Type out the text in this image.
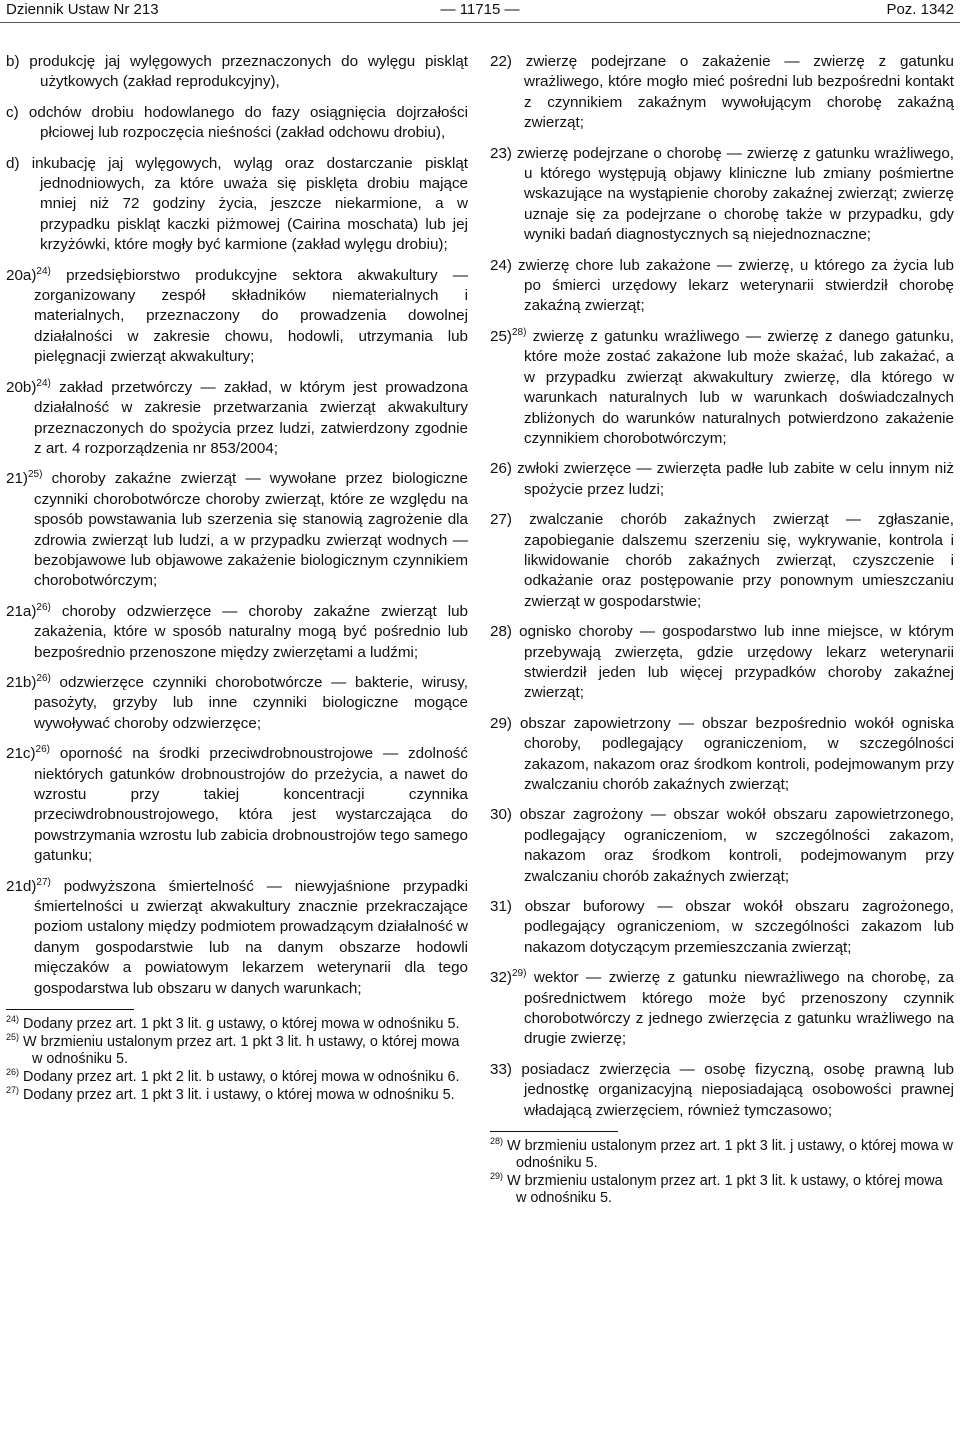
— 11715 —
Dziennik Ustaw Nr 213	Poz. 1342

b) produkcję jaj wylęgowych przeznaczonych do wylęgu piskląt użytkowych (zakład reprodukcyjny),

c) odchów drobiu hodowlanego do fazy osiągnięcia dojrzałości płciowej lub rozpoczęcia nieśności (zakład odchowu drobiu),

d) inkubację jaj wylęgowych, wyląg oraz dostarczanie piskląt jednodniowych, za które uważa się pisklęta drobiu mające mniej niż 72 godziny życia, jeszcze niekarmione, a w przypadku piskląt kaczki piżmowej (Cairina moschata) lub jej krzyżówki, które mogły być karmione (zakład wylęgu drobiu);

20a)$^{24)}$ przedsiębiorstwo produkcyjne sektora akwakultury — zorganizowany zespół składników niematerialnych i materialnych, przeznaczony do prowadzenia dowolnej działalności w zakresie chowu, hodowli, utrzymania lub pielęgnacji zwierząt akwakultury;

20b)$^{24)}$ zakład przetwórczy — zakład, w którym jest prowadzona działalność w zakresie przetwarzania zwierząt akwakultury przeznaczonych do spożycia przez ludzi, zatwierdzony zgodnie z art. 4 rozporządzenia nr 853/2004;

21)$^{25)}$ choroby zakaźne zwierząt — wywołane przez biologiczne czynniki chorobotwórcze choroby zwierząt, które ze względu na sposób powstawania lub szerzenia się stanowią zagrożenie dla zdrowia zwierząt lub ludzi, a w przypadku zwierząt wodnych — bezobjawowe lub objawowe zakażenie biologicznym czynnikiem chorobotwórczym;

21a)$^{26)}$ choroby odzwierzęce — choroby zakaźne zwierząt lub zakażenia, które w sposób naturalny mogą być pośrednio lub bezpośrednio przenoszone między zwierzętami a ludźmi;

21b)$^{26)}$ odzwierzęce czynniki chorobotwórcze — bakterie, wirusy, pasożyty, grzyby lub inne czynniki biologiczne mogące wywoływać choroby odzwierzęce;

21c)$^{26)}$ oporność na środki przeciwdrobnoustrojowe — zdolność niektórych gatunków drobnoustrojów do przeżycia, a nawet do wzrostu przy takiej koncentracji czynnika przeciwdrobnoustrojowego, która jest wystarczająca do powstrzymania wzrostu lub zabicia drobnoustrojów tego samego gatunku;

21d)$^{27)}$ podwyższona śmiertelność — niewyjaśnione przypadki śmiertelności u zwierząt akwakultury znacznie przekraczające poziom ustalony między podmiotem prowadzącym działalność w danym gospodarstwie lub na danym obszarze hodowli mięczaków a powiatowym lekarzem weterynarii dla tego gospodarstwa lub obszaru w danych warunkach;

$^{24)}$ Dodany przez art. 1 pkt 3 lit. g ustawy, o której mowa w odnośniku 5.
$^{25)}$ W brzmieniu ustalonym przez art. 1 pkt 3 lit. h ustawy, o której mowa w odnośniku 5.
$^{26)}$ Dodany przez art. 1 pkt 2 lit. b ustawy, o której mowa w odnośniku 6.
$^{27)}$ Dodany przez art. 1 pkt 3 lit. i ustawy, o której mowa w odnośniku 5.

22) zwierzę podejrzane o zakażenie — zwierzę z gatunku wrażliwego, które mogło mieć pośredni lub bezpośredni kontakt z czynnikiem zakaźnym wywołującym chorobę zakaźną zwierząt;

23) zwierzę podejrzane o chorobę — zwierzę z gatunku wrażliwego, u którego występują objawy kliniczne lub zmiany pośmiertne wskazujące na wystąpienie choroby zakaźnej zwierząt; zwierzę uznaje się za podejrzane o chorobę także w przypadku, gdy wyniki badań diagnostycznych są niejednoznaczne;

24) zwierzę chore lub zakażone — zwierzę, u którego za życia lub po śmierci urzędowy lekarz weterynarii stwierdził chorobę zakaźną zwierząt;

25)$^{28)}$ zwierzę z gatunku wrażliwego — zwierzę z danego gatunku, które może zostać zakażone lub może skażać, lub zakażać, a w przypadku zwierząt akwakultury zwierzę, dla którego w warunkach naturalnych lub w warunkach doświadczalnych zbliżonych do warunków naturalnych potwierdzono zakażenie czynnikiem chorobotwórczym;

26) zwłoki zwierzęce — zwierzęta padłe lub zabite w celu innym niż spożycie przez ludzi;

27) zwalczanie chorób zakaźnych zwierząt — zgłaszanie, zapobieganie dalszemu szerzeniu się, wykrywanie, kontrola i likwidowanie chorób zakaźnych zwierząt, czyszczenie i odkażanie oraz postępowanie przy ponownym umieszczaniu zwierząt w gospodarstwie;

28) ognisko choroby — gospodarstwo lub inne miejsce, w którym przebywają zwierzęta, gdzie urzędowy lekarz weterynarii stwierdził jeden lub więcej przypadków choroby zakaźnej zwierząt;

29) obszar zapowietrzony — obszar bezpośrednio wokół ogniska choroby, podlegający ograniczeniom, w szczególności zakazom, nakazom oraz środkom kontroli, podejmowanym przy zwalczaniu chorób zakaźnych zwierząt;

30) obszar zagrożony — obszar wokół obszaru zapowietrzonego, podlegający ograniczeniom, w szczególności zakazom, nakazom oraz środkom kontroli, podejmowanym przy zwalczaniu chorób zakaźnych zwierząt;

31) obszar buforowy — obszar wokół obszaru zagrożonego, podlegający ograniczeniom, w szczególności zakazom lub nakazom dotyczącym przemieszczania zwierząt;

32)$^{29)}$ wektor — zwierzę z gatunku niewrażliwego na chorobę, za pośrednictwem którego może być przenoszony czynnik chorobotwórczy z jednego zwierzęcia z gatunku wrażliwego na drugie zwierzę;

33) posiadacz zwierzęcia — osobę fizyczną, osobę prawną lub jednostkę organizacyjną nieposiadającą osobowości prawnej władającą zwierzęciem, również tymczasowo;

$^{28)}$ W brzmieniu ustalonym przez art. 1 pkt 3 lit. j ustawy, o której mowa w odnośniku 5.
$^{29)}$ W brzmieniu ustalonym przez art. 1 pkt 3 lit. k ustawy, o której mowa w odnośniku 5.
